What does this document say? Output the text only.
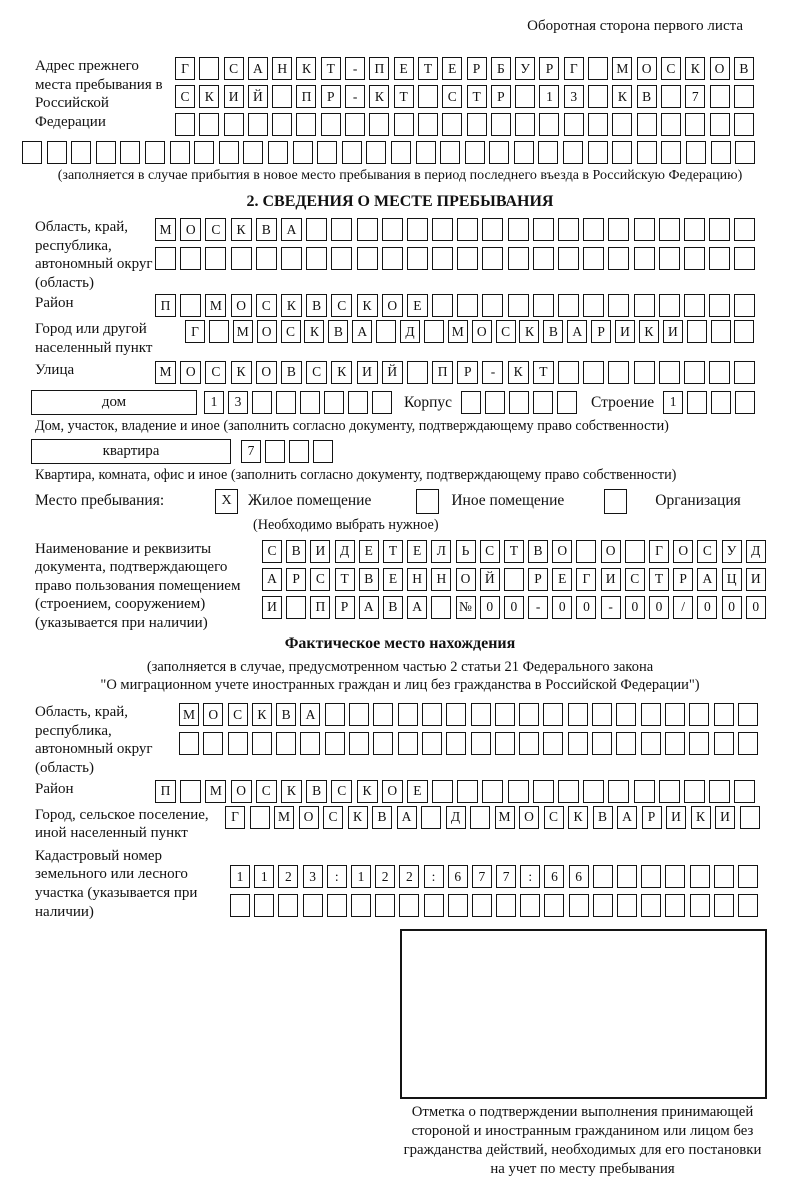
Оборотная сторона первого листа
Адрес прежнего места пребывания в Российской Федерации
Г	С	А	Н	К	Т	-	П	Е	Т	Е	Р	Б	У	Р	Г	М О	С	К	О	В
С	К	И	Й	П	Р	-	К	Т	С	Т	Р	1	3	К	В	7
(заполняется в случае прибытия в новое место пребывания в период последнего въезда в Российскую Федерацию)
2. СВЕДЕНИЯ О МЕСТЕ ПРЕБЫВАНИЯ
Область, край, республика, автономный округ (область)
М	О	С	К	В	А
Район	П	М	О	С	К	В	С	К	О	Е
Город или другой населенный пункт
Г	М О	С	К	В	А	Д	М О	С	К	В	А	Р	И	К	И
Улица	М	О	С	К	О	В	С	К	И	Й	П	Р	-	К	Т
дом	1	3	Корпус	Строение	1
Дом, участок, владение и иное (заполнить согласно документу, подтверждающему право собственности)
квартира	7
Квартира, комната, офис и иное (заполнить согласно документу, подтверждающему право собственности)
Место пребывания:	X	Жилое помещение	Иное помещение	Организация
(Необходимо выбрать нужное)
Наименование и реквизиты документа, подтверждающего право пользования помещением (строением, сооружением) (указывается при наличии)
С	В	И	Д	Е	Т	Е	Л	Ь	С	Т	В	О	О	Г	О	С	У	Д
А	Р	С	Т	В	Е	Н	Н	О	Й	Р	Е	Г	И	С	Т	Р	А	Ц	И
И	П	Р	А	В	А	№	0	0	-	0	0	-	0	0	/	0	0	0
Фактическое место нахождения
(заполняется в случае, предусмотренном частью 2 статьи 21 Федерального закона
"О миграционном учете иностранных граждан и лиц без гражданства в Российской Федерации")
Область, край, республика, автономный округ (область)
М О	С	К	В	А
Район	П	М	О	С	К	В	С	К	О	Е
Город, сельское поселение, иной населенный пункт
Г	М	О	С	К	В	А	Д	М	О	С	К	В	А	Р	И	К	И
Кадастровый номер земельного или лесного участка (указывается при наличии)
1	1	2	3	:	1	2	2	:	6	7	7	:	6	6
Отметка о подтверждении выполнения принимающей стороной и иностранным гражданином или лицом без гражданства действий, необходимых для его постановки на учет по месту пребывания
